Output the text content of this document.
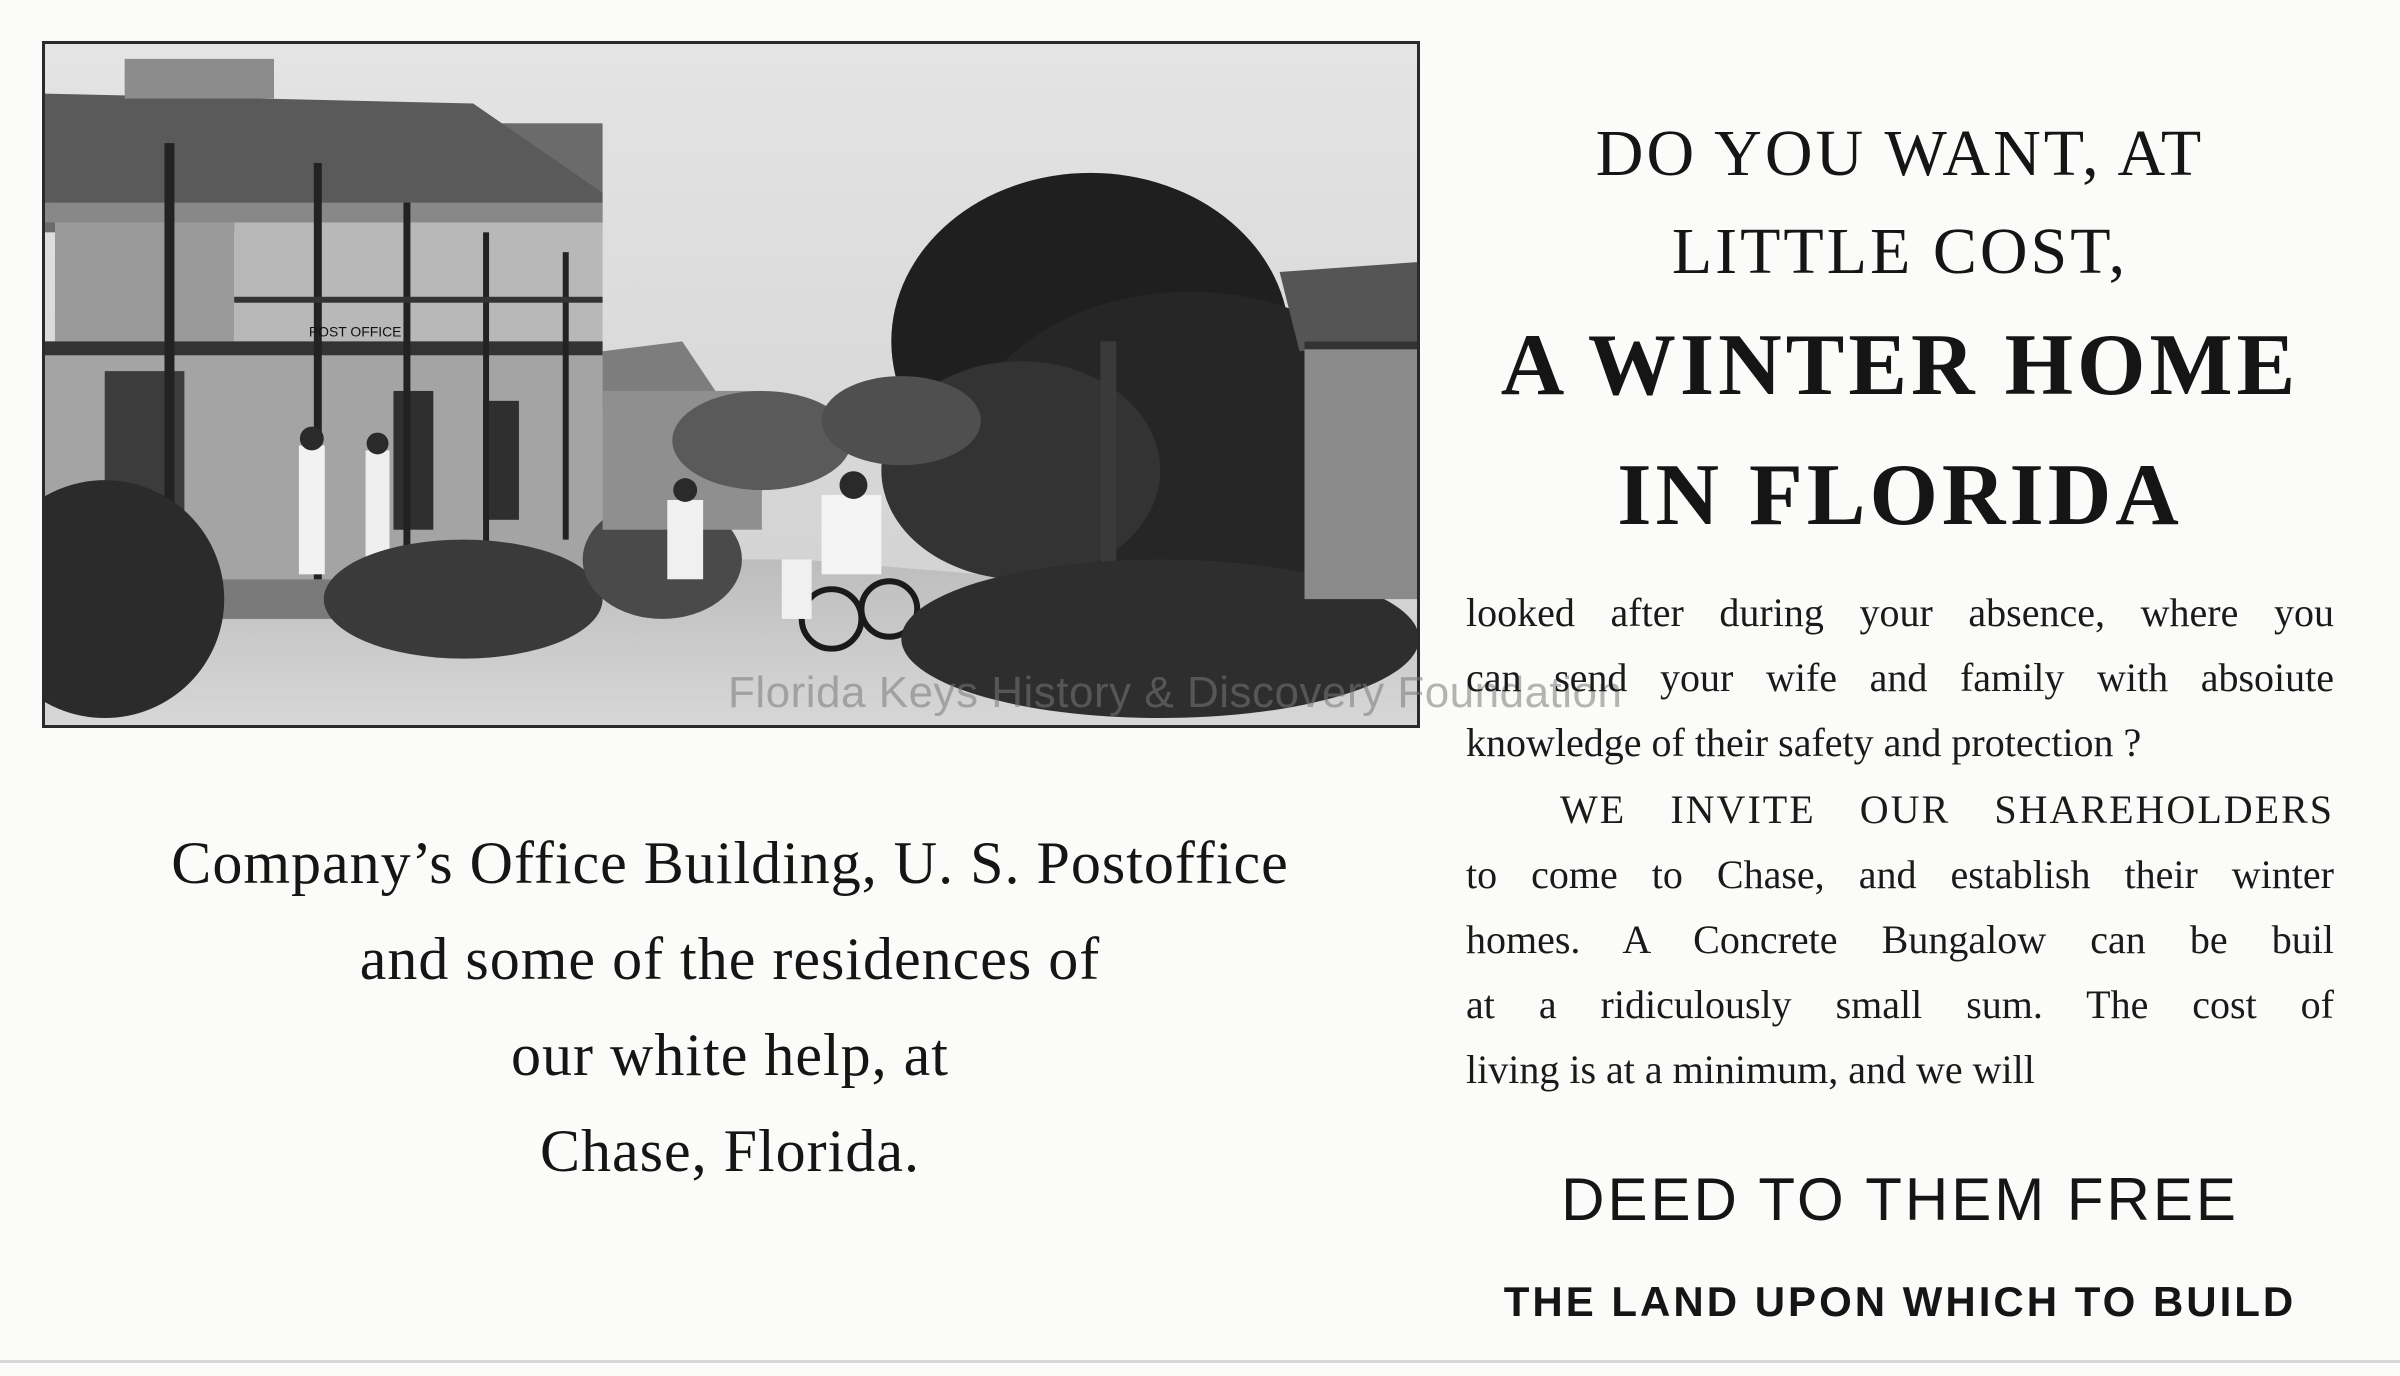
POST OFFICE
Company’s Office Building, U. S. Postoffice
and some of the residences of
our white help, at
Chase, Florida.
Florida Keys History & Discovery Foundation
DO YOU WANT, AT
LITTLE COST,
A WINTER HOME
IN FLORIDA
looked after during your absence, where you
can send your wife and family with absoiute
knowledge of their safety and protection ?
WE INVITE OUR SHAREHOLDERS
to come to Chase, and establish their winter
homes. A Concrete Bungalow can be buil
at a ridiculously small sum. The cost of
living is at a minimum, and we will
DEED TO THEM FREE
THE LAND UPON WHICH TO BUILD
